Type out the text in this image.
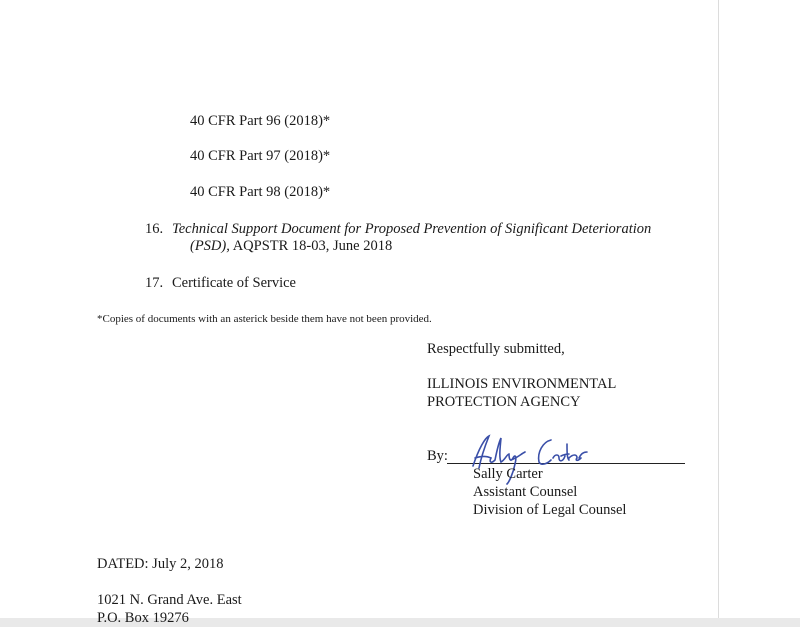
40 CFR Part 96 (2018)*
40 CFR Part 97 (2018)*
40 CFR Part 98 (2018)*
16. Technical Support Document for Proposed Prevention of Significant Deterioration
(PSD), AQPSTR 18-03, June 2018
17. Certificate of Service
*Copies of documents with an asterick beside them have not been provided.
Respectfully submitted,
ILLINOIS ENVIRONMENTAL
PROTECTION AGENCY
By:
Sally Carter
Assistant Counsel
Division of Legal Counsel
DATED: July 2, 2018
1021 N. Grand Ave. East
P.O. Box 19276
